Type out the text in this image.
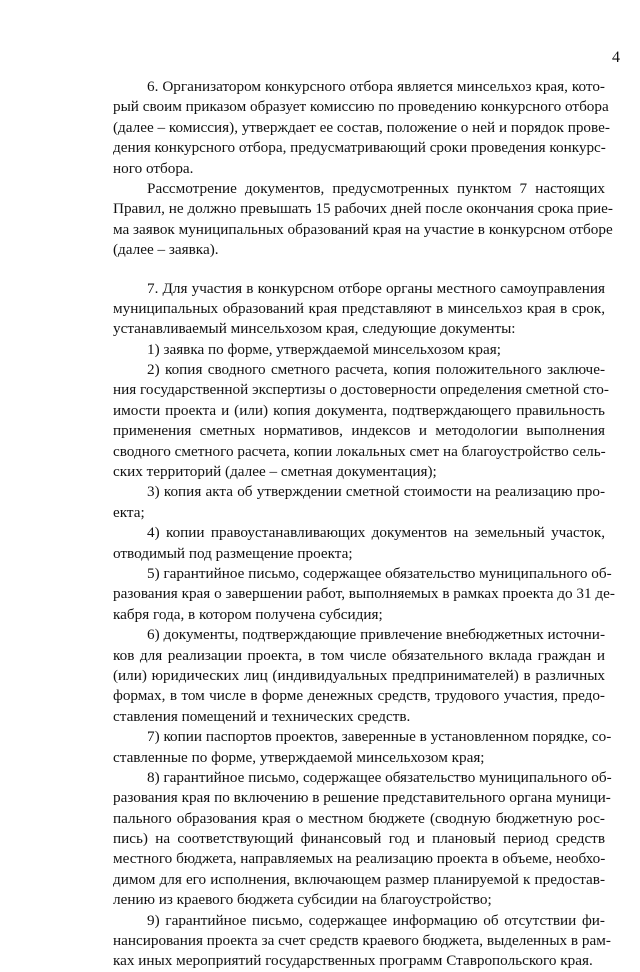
4
6. Организатором конкурсного отбора является минсельхоз края, кото-
рый своим приказом образует комиссию по проведению конкурсного отбора
(далее – комиссия), утверждает ее состав, положение о ней и порядок прове-
дения конкурсного отбора, предусматривающий сроки проведения конкурс-
ного отбора.
Рассмотрение документов, предусмотренных пунктом 7 настоящих
Правил, не должно превышать 15 рабочих дней после окончания срока прие-
ма заявок муниципальных образований края на участие в конкурсном отборе
(далее – заявка).
7. Для участия в конкурсном отборе органы местного самоуправления
муниципальных образований края представляют в минсельхоз края в срок,
устанавливаемый минсельхозом края, следующие документы:
1) заявка по форме, утверждаемой минсельхозом края;
2) копия сводного сметного расчета, копия положительного заключе-
ния государственной экспертизы о достоверности определения сметной сто-
имости проекта и (или) копия документа, подтверждающего правильность
применения сметных нормативов, индексов и методологии выполнения
сводного сметного расчета, копии локальных смет на благоустройство сель-
ских территорий (далее – сметная документация);
3) копия акта об утверждении сметной стоимости на реализацию про-
екта;
4) копии правоустанавливающих документов на земельный участок,
отводимый под размещение проекта;
5) гарантийное письмо, содержащее обязательство муниципального об-
разования края о завершении работ, выполняемых в рамках проекта до 31 де-
кабря года, в котором получена субсидия;
6) документы, подтверждающие привлечение внебюджетных источни-
ков для реализации проекта, в том числе обязательного вклада граждан и
(или) юридических лиц (индивидуальных предпринимателей) в различных
формах, в том числе в форме денежных средств, трудового участия, предо-
ставления помещений и технических средств.
7) копии паспортов проектов, заверенные в установленном порядке, со-
ставленные по форме, утверждаемой минсельхозом края;
8) гарантийное письмо, содержащее обязательство муниципального об-
разования края по включению в решение представительного органа муници-
пального образования края о местном бюджете (сводную бюджетную рос-
пись) на соответствующий финансовый год и плановый период средств
местного бюджета, направляемых на реализацию проекта в объеме, необхо-
димом для его исполнения, включающем размер планируемой к предостав-
лению из краевого бюджета субсидии на благоустройство;
9) гарантийное письмо, содержащее информацию об отсутствии фи-
нансирования проекта за счет средств краевого бюджета, выделенных в рам-
ках иных мероприятий государственных программ Ставропольского края.
